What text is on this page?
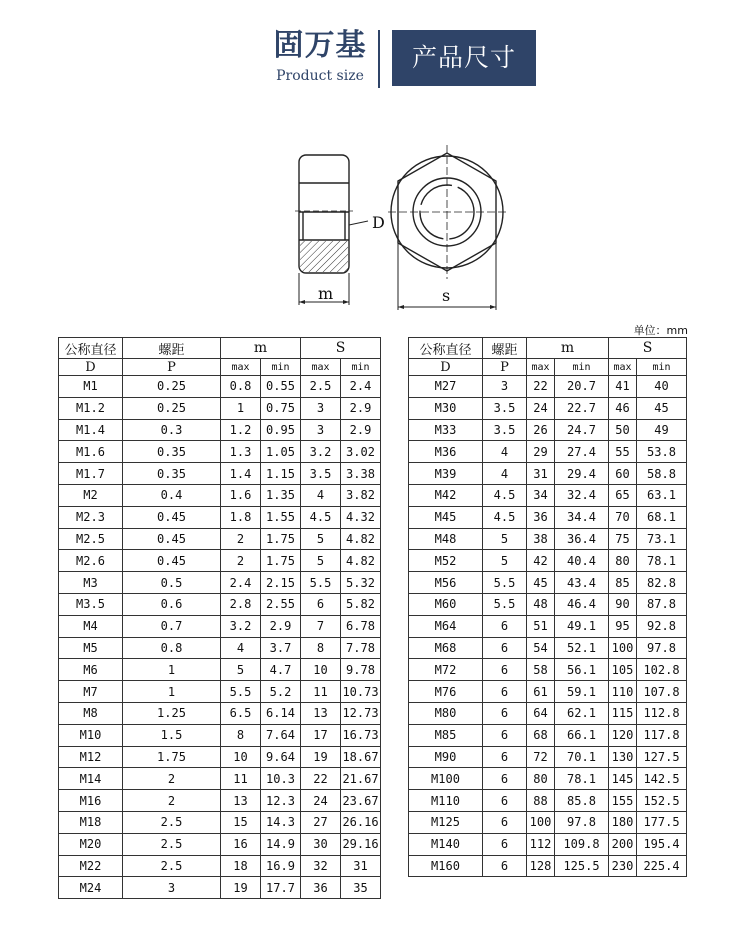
固万基
Product size
产品尺寸
D
m	s
单位：mm
公称直径	螺距	m		S	
D	P				
		max	min	max	min
M1	0.25	0.8	0.55	2.5	2.4
M1.2	0.25	1	0.75	3	2.9
M1.4	0.3	1.2	0.95	3	2.9
M1.6	0.35	1.3	1.05	3.2	3.02
M1.7	0.35	1.4	1.15	3.5	3.38
M2	0.4	1.6	1.35	4	3.82
M2.3	0.45	1.8	1.55	4.5	4.32
M2.5	0.45	2	1.75	5	4.82
M2.6	0.45	2	1.75	5	4.82
M3	0.5	2.4	2.15	5.5	5.32
M3.5	0.6	2.8	2.55	6	5.82
M4	0.7	3.2	2.9	7	6.78
M5	0.8	4	3.7	8	7.78
M6	1	5	4.7	10	9.78
M7	1	5.5	5.2	11	10.73
M8	1.25	6.5	6.14	13	12.73
M10	1.5	8	7.64	17	16.73
M12	1.75	10	9.64	19	18.67
M14	2	11	10.3	22	21.67
M16	2	13	12.3	24	23.67
M18	2.5	15	14.3	27	26.16
M20	2.5	16	14.9	30	29.16
M22	2.5	18	16.9	32	31
M24	3	19	17.7	36	35
公称直径	螺距	m		S	
D	P				
		max	min	max	min
M27	3	22	20.7	41	40
M30	3.5	24	22.7	46	45
M33	3.5	26	24.7	50	49
M36	4	29	27.4	55	53.8
M39	4	31	29.4	60	58.8
M42	4.5	34	32.4	65	63.1
M45	4.5	36	34.4	70	68.1
M48	5	38	36.4	75	73.1
M52	5	42	40.4	80	78.1
M56	5.5	45	43.4	85	82.8
M60	5.5	48	46.4	90	87.8
M64	6	51	49.1	95	92.8
M68	6	54	52.1	100	97.8
M72	6	58	56.1	105	102.8
M76	6	61	59.1	110	107.8
M80	6	64	62.1	115	112.8
M85	6	68	66.1	120	117.8
M90	6	72	70.1	130	127.5
M100	6	80	78.1	145	142.5
M110	6	88	85.8	155	152.5
M125	6	100	97.8	180	177.5
M140	6	112	109.8	200	195.4
M160	6	128	125.5	230	225.4
